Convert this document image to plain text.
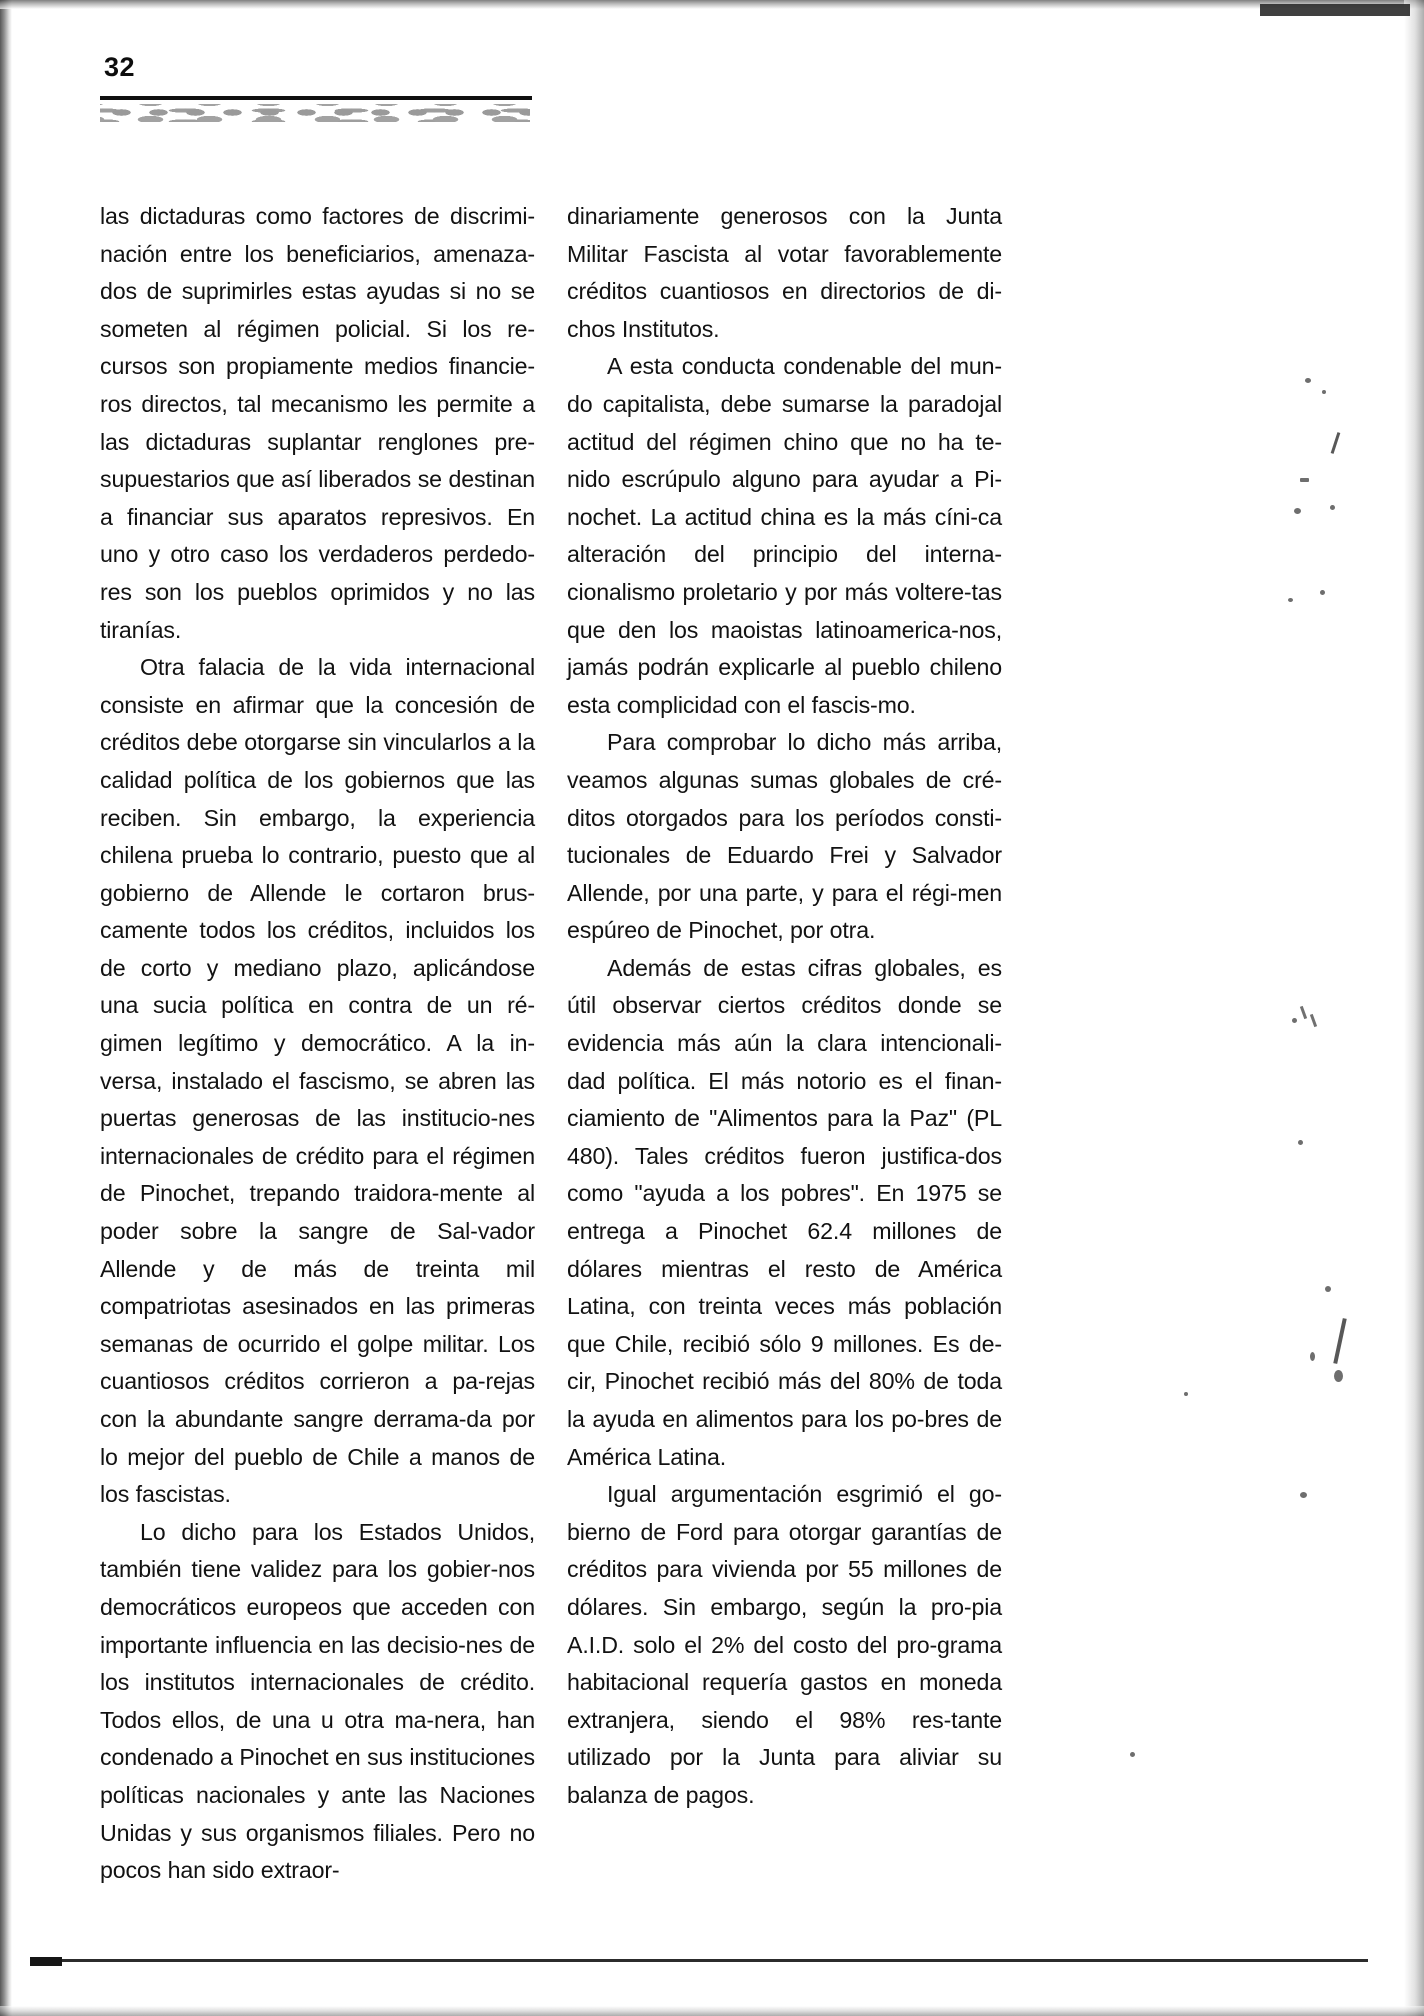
32

las dictaduras como factores de discrimi-nación entre los beneficiarios, amenaza-dos de suprimirles estas ayudas si no se someten al régimen policial. Si los re-cursos son propiamente medios financie-ros directos, tal mecanismo les permite a las dictaduras suplantar renglones pre-supuestarios que así liberados se destinan a financiar sus aparatos represivos. En uno y otro caso los verdaderos perdedo-res son los pueblos oprimidos y no las tiranías.

Otra falacia de la vida internacional consiste en afirmar que la concesión de créditos debe otorgarse sin vincularlos a la calidad política de los gobiernos que las reciben. Sin embargo, la experiencia chilena prueba lo contrario, puesto que al gobierno de Allende le cortaron brus-camente todos los créditos, incluidos los de corto y mediano plazo, aplicándose una sucia política en contra de un ré-gimen legítimo y democrático. A la in-versa, instalado el fascismo, se abren las puertas generosas de las institucio-nes internacionales de crédito para el régimen de Pinochet, trepando traidora-mente al poder sobre la sangre de Sal-vador Allende y de más de treinta mil compatriotas asesinados en las primeras semanas de ocurrido el golpe militar. Los cuantiosos créditos corrieron a pa-rejas con la abundante sangre derrama-da por lo mejor del pueblo de Chile a manos de los fascistas.

Lo dicho para los Estados Unidos, también tiene validez para los gobier-nos democráticos europeos que acceden con importante influencia en las decisio-nes de los institutos internacionales de crédito. Todos ellos, de una u otra ma-nera, han condenado a Pinochet en sus instituciones políticas nacionales y ante las Naciones Unidas y sus organismos filiales. Pero no pocos han sido extraor-

dinariamente generosos con la Junta Militar Fascista al votar favorablemente créditos cuantiosos en directorios de di-chos Institutos.

A esta conducta condenable del mun-do capitalista, debe sumarse la paradojal actitud del régimen chino que no ha te-nido escrúpulo alguno para ayudar a Pi-nochet. La actitud china es la más cíni-ca alteración del principio del interna-cionalismo proletario y por más voltere-tas que den los maoistas latinoamerica-nos, jamás podrán explicarle al pueblo chileno esta complicidad con el fascis-mo.

Para comprobar lo dicho más arriba, veamos algunas sumas globales de cré-ditos otorgados para los períodos consti-tucionales de Eduardo Frei y Salvador Allende, por una parte, y para el régi-men espúreo de Pinochet, por otra.

Además de estas cifras globales, es útil observar ciertos créditos donde se evidencia más aún la clara intencionali-dad política. El más notorio es el finan-ciamiento de "Alimentos para la Paz" (PL 480). Tales créditos fueron justifica-dos como "ayuda a los pobres". En 1975 se entrega a Pinochet 62.4 millones de dólares mientras el resto de América Latina, con treinta veces más población que Chile, recibió sólo 9 millones. Es de-cir, Pinochet recibió más del 80% de toda la ayuda en alimentos para los po-bres de América Latina.

Igual argumentación esgrimió el go-bierno de Ford para otorgar garantías de créditos para vivienda por 55 millones de dólares. Sin embargo, según la pro-pia A.I.D. solo el 2% del costo del pro-grama habitacional requería gastos en moneda extranjera, siendo el 98% res-tante utilizado por la Junta para aliviar su balanza de pagos.
